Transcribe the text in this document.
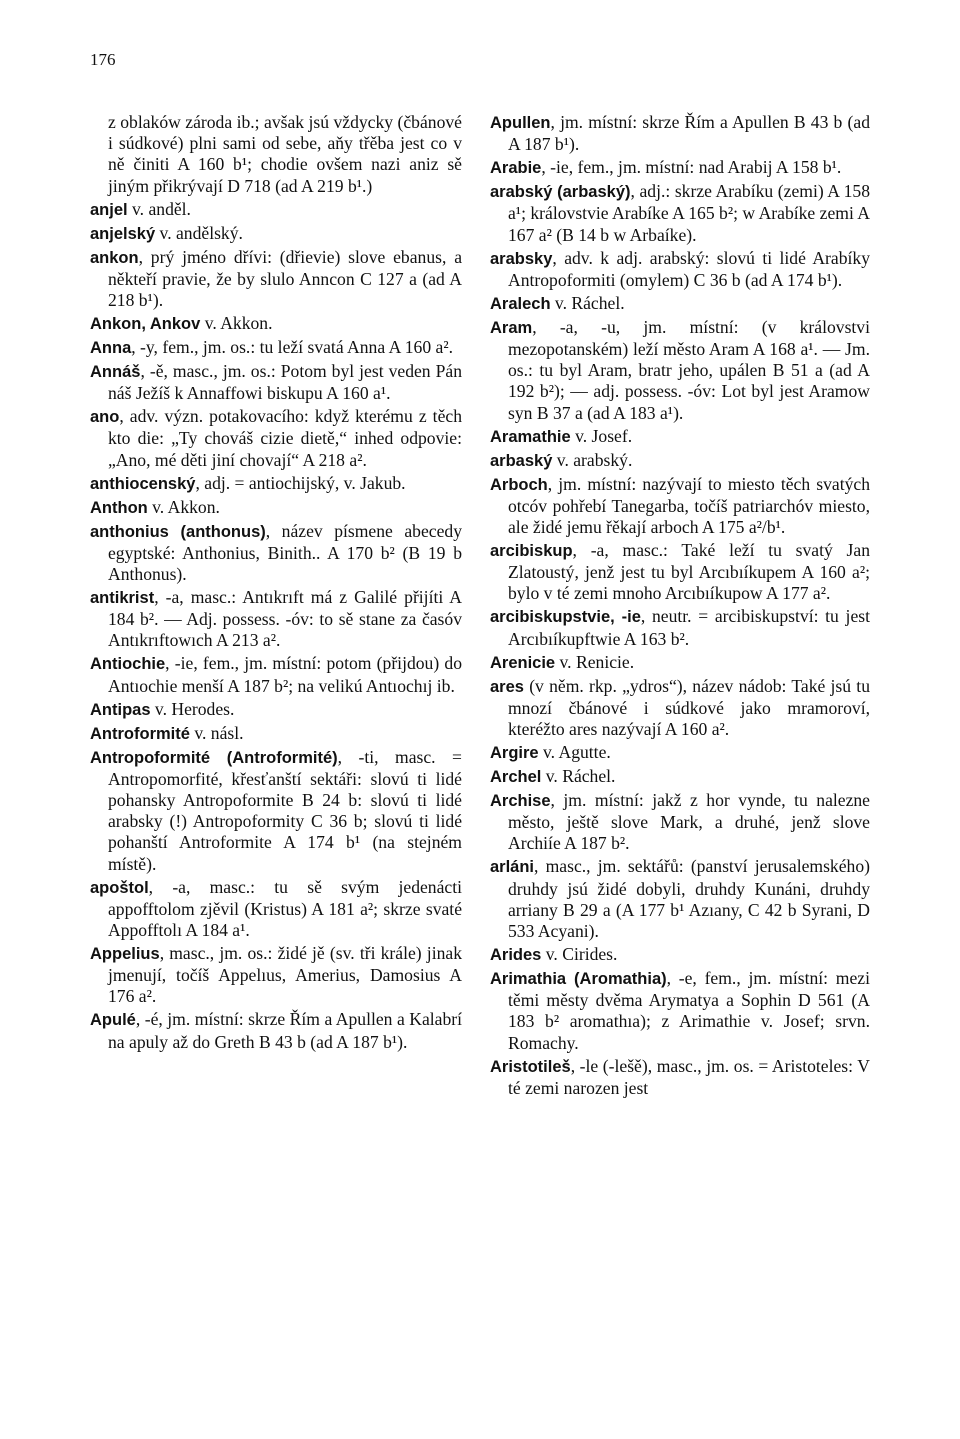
176

z oblaków zároda ib.; avšak jsú vždycky (čbánové i súdkové) plni sami od sebe, aňy třěba jest co v ně činiti A 160 b¹; chodie ovšem nazi aniz sě jiným přikrývají D 718 (ad A 219 b¹.)

anjel v. anděl.

anjelský v. andělský.

ankon, prý jméno dřívi: (dřievie) slove ebanus, a někteří pravie, že by slulo Anncon C 127 a (ad A 218 b¹).

Ankon, Ankov v. Akkon.

Anna, -y, fem., jm. os.: tu leží svatá Anna A 160 a².

Annáš, -ě, masc., jm. os.: Potom byl jest veden Pán náš Ježíš k Annaffowi biskupu A 160 a¹.

ano, adv. význ. potakovacího: když kterému z těch kto die: „Ty chováš cizie dietě,“ inhed odpovie: „Ano, mé děti jiní chovají“ A 218 a².

anthiocenský, adj. = antiochijský, v. Jakub.

Anthon v. Akkon.

anthonius (anthonus), název písmene abecedy egyptské: Anthonius, Binith.. A 170 b² (B 19 b Anthonus).

antikrist, -a, masc.: Antıkrıft má z Galilé přijíti A 184 b². — Adj. possess. -óv: to sě stane za časóv Antıkrıftowıch A 213 a².

Antiochie, -ie, fem., jm. místní: potom (přijdou) do Antıochie menší A 187 b²; na velikú Antıochıj ib.

Antipas v. Herodes.

Antroformité v. násl.

Antropoformité (Antroformité), -ti, masc. = Antropomorfité, křesťanští sektáři: slovú ti lidé pohansky Antropoformite B 24 b: slovú ti lidé arabsky (!) Antropoformity C 36 b; slovú ti lidé pohanští Antroformite A 174 b¹ (na stejném místě).

apoštol, -a, masc.: tu sě svým jedenácti appofftolom zjěvil (Kristus) A 181 a²; skrze svaté Appofftolı A 184 a¹.

Appelius, masc., jm. os.: židé jě (sv. tři krále) jinak jmenují, točíš Appelıus, Amerius, Damosius A 176 a².

Apulé, -é, jm. místní: skrze Řím a Apullen a Kalabrí na apuly až do Greth B 43 b (ad A 187 b¹).

Apullen, jm. místní: skrze Řím a Apullen B 43 b (ad A 187 b¹).

Arabie, -ie, fem., jm. místní: nad Arabij A 158 b¹.

arabský (arbaský), adj.: skrze Arabíku (zemi) A 158 a¹; královstvie Arabíke A 165 b²; w Arabíke zemi A 167 a² (B 14 b w Arbaíke).

arabsky, adv. k adj. arabský: slovú ti lidé Arabíky Antropoformiti (omylem) C 36 b (ad A 174 b¹).

Aralech v. Ráchel.

Aram, -a, -u, jm. místní: (v královstvi mezopotanském) leží město Aram A 168 a¹. — Jm. os.: tu byl Aram, bratr jeho, upálen B 51 a (ad A 192 b²); — adj. possess. -óv: Lot byl jest Aramow syn B 37 a (ad A 183 a¹).

Aramathie v. Josef.

arbaský v. arabský.

Arboch, jm. místní: nazývají to miesto těch svatých otcóv pohřebí Tanegarba, točíš patriarchóv miesto, ale židé jemu řěkají arboch A 175 a²/b¹.

arcibiskup, -a, masc.: Také leží tu svatý Jan Zlatoustý, jenž jest tu byl Arcıbıíkupem A 160 a²; bylo v té zemi mnoho Arcıbıíkupow A 177 a².

arcibiskupstvie, -ie, neutr. = arcibiskupství: tu jest Arcıbıíkupftwie A 163 b².

Arenicie v. Renicie.

ares (v něm. rkp. „ydros“), název nádob: Také jsú tu mnozí čbánové i súdkové jako mramoroví, kteréžto ares nazývají A 160 a².

Argire v. Agutte.

Archel v. Ráchel.

Archise, jm. místní: jakž z hor vynde, tu nalezne město, ještě slove Mark, a druhé, jenž slove Archiíe A 187 b².

arláni, masc., jm. sektářů: (panství jerusalemského) druhdy jsú židé dobyli, druhdy Kunáni, druhdy arriany B 29 a (A 177 b¹ Azıany, C 42 b Syrani, D 533 Acyani).

Arides v. Cirides.

Arimathia (Aromathia), -e, fem., jm. místní: mezi těmi městy dvěma Arymatya a Sophin D 561 (A 183 b² aromathıa); z Arimathie v. Josef; srvn. Romachy.

Aristotileš, -le (-lešě), masc., jm. os. = Aristoteles: V té zemi narozen jest
